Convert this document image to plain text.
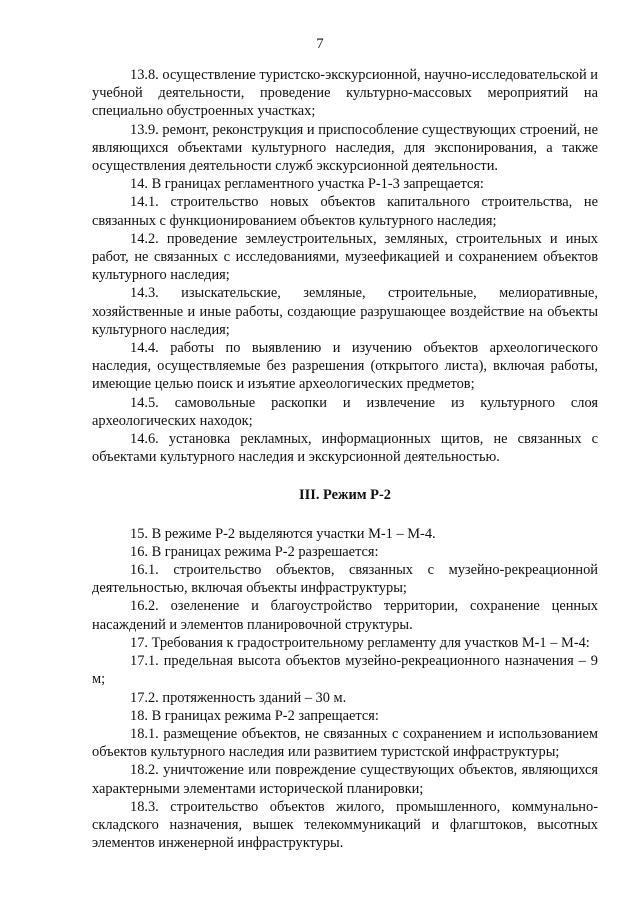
7

13.8. осуществление туристско-экскурсионной, научно-исследовательской и учебной деятельности, проведение культурно-массовых мероприятий на специально обустроенных участках;

13.9. ремонт, реконструкция и приспособление существующих строений, не являющихся объектами культурного наследия, для экспонирования, а также осуществления деятельности служб экскурсионной деятельности.

14. В границах регламентного участка Р-1-3 запрещается:

14.1. строительство новых объектов капитального строительства, не связанных с функционированием объектов культурного наследия;

14.2. проведение землеустроительных, земляных, строительных и иных работ, не связанных с исследованиями, музеефикацией и сохранением объектов культурного наследия;

14.3. изыскательские, земляные, строительные, мелиоративные, хозяйственные и иные работы, создающие разрушающее воздействие на объекты культурного наследия;

14.4. работы по выявлению и изучению объектов археологического наследия, осуществляемые без разрешения (открытого листа), включая работы, имеющие целью поиск и изъятие археологических предметов;

14.5. самовольные раскопки и извлечение из культурного слоя археологических находок;

14.6. установка рекламных, информационных щитов, не связанных с объектами культурного наследия и экскурсионной деятельностью.

III. Режим Р-2

15. В режиме Р-2 выделяются участки М-1 – М-4.

16. В границах режима Р-2 разрешается:

16.1. строительство объектов, связанных с музейно-рекреационной деятельностью, включая объекты инфраструктуры;

16.2. озеленение и благоустройство территории, сохранение ценных насаждений и элементов планировочной структуры.

17. Требования к градостроительному регламенту для участков М-1 – М-4:

17.1. предельная высота объектов музейно-рекреационного назначения – 9 м;

17.2. протяженность зданий – 30 м.

18. В границах режима Р-2 запрещается:

18.1. размещение объектов, не связанных с сохранением и использованием объектов культурного наследия или развитием туристской инфраструктуры;

18.2. уничтожение или повреждение существующих объектов, являющихся характерными элементами исторической планировки;

18.3. строительство объектов жилого, промышленного, коммунально-складского назначения, вышек телекоммуникаций и флагштоков, высотных элементов инженерной инфраструктуры.
